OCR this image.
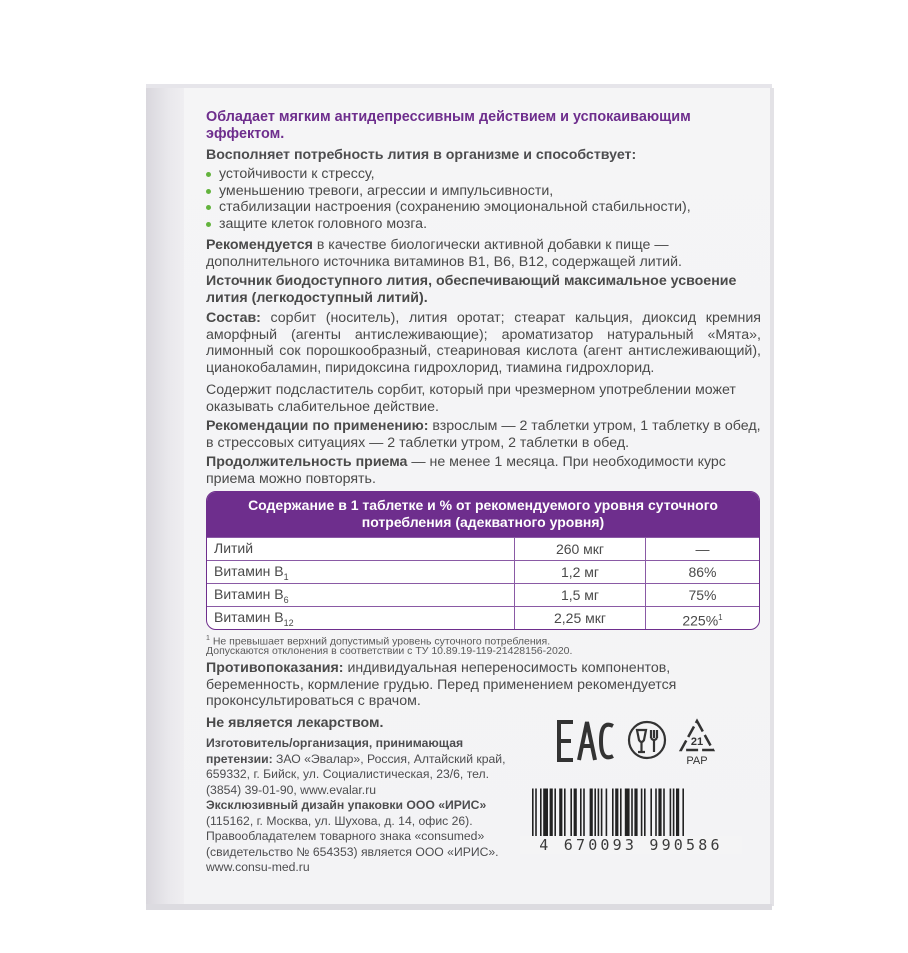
Обладает мягким антидепрессивным действием и успокаивающим эффектом.

Восполняет потребность лития в организме и способствует:

устойчивости к стрессу,
уменьшению тревоги, агрессии и импульсивности,
стабилизации настроения (сохранению эмоциональной стабильности),
защите клеток головного мозга.

Рекомендуется в качестве биологически активной добавки к пище — дополнительного источника витаминов В1, В6, В12, содержащей литий.

Источник биодоступного лития, обеспечивающий максимальное усвоение лития (легкодоступный литий).

Состав: сорбит (носитель), лития оротат; стеарат кальция, диоксид кремния аморфный (агенты антислеживающие); ароматизатор натуральный «Мята», лимонный сок порошкообразный, стеариновая кислота (агент антислеживающий), цианокобаламин, пиридоксина гидрохлорид, тиамина гидрохлорид.

Содержит подсластитель сорбит, который при чрезмерном употреблении может оказывать слабительное действие.

Рекомендации по применению: взрослым — 2 таблетки утром, 1 таблетку в обед, в стрессовых ситуациях — 2 таблетки утром, 2 таблетки в обед.

Продолжительность приема — не менее 1 месяца. При необходимости курс приема можно повторять.

Содержание в 1 таблетке и % от рекомендуемого уровня суточного потребления (адекватного уровня)
Литий	260 мкг	—
Витамин $В_1$	1,2 мг	86%
Витамин $В_6$	1,5 мг	75%
Витамин $В_{12}$	2,25 мкг	225%$^1$
$^1$ Не превышает верхний допустимый уровень суточного потребления.
Допускаются отклонения в соответствии с ТУ 10.89.19-119-21428156-2020.

Противопоказания: индивидуальная непереносимость компонентов, беременность, кормление грудью. Перед применением рекомендуется проконсультироваться с врачом.

Не является лекарством.

Изготовитель/организация, принимающая претензии: ЗАО «Эвалар», Россия, Алтайский край, 659332, г. Бийск, ул. Социалистическая, 23/6, тел. (3854) 39-01-90, www.evalar.ru
Эксклюзивный дизайн упаковки ООО «ИРИС»
(115162, г. Москва, ул. Шухова, д. 14, офис 26). Правообладателем товарного знака «consumed» (свидетельство № 654353) является ООО «ИРИС». www.consu-med.ru
21
PAP
4 670093 990586
